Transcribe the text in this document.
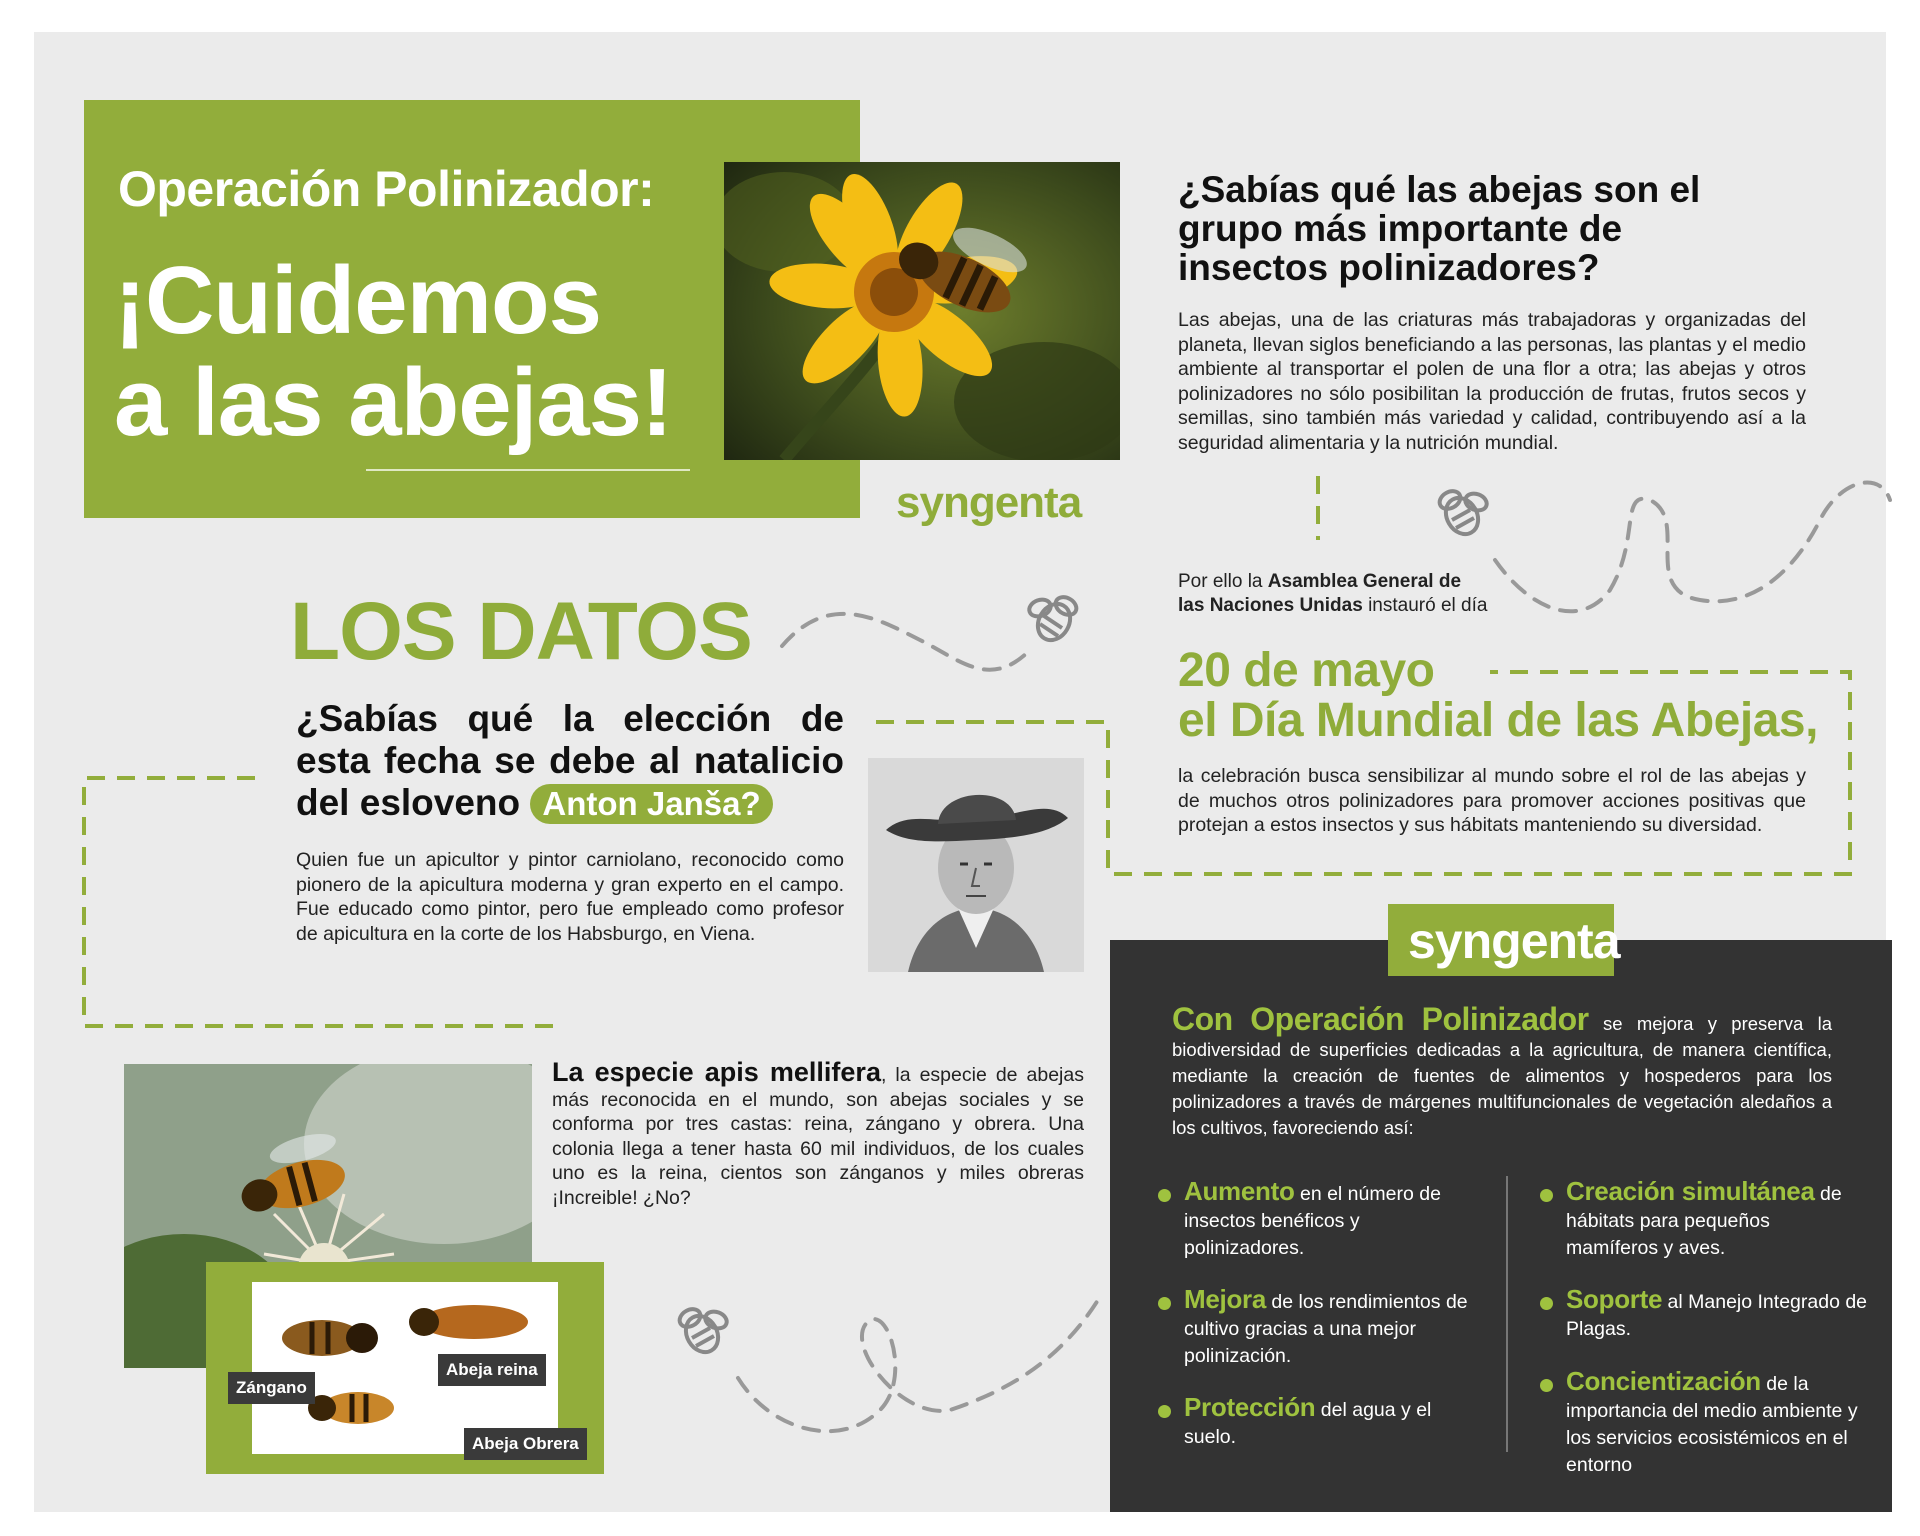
Operación Polinizador:
¡Cuidemos
a las abejas!
syngenta
¿Sabías qué las abejas son el grupo más importante de insectos polinizadores?
Las abejas, una de las criaturas más trabajadoras y organizadas del planeta, llevan siglos beneficiando a las personas, las plantas y el medio ambiente al transportar el polen de una flor a otra; las abejas y otros polinizadores no sólo posibilitan la producción de frutas, frutos secos y semillas, sino también más variedad y calidad, contribuyendo así a la seguridad alimentaria y la nutrición mundial.
Por ello la Asamblea General de las Naciones Unidas instauró el día
20 de mayo
el Día Mundial de las Abejas,
la celebración busca sensibilizar al mundo sobre el rol de las abejas y de muchos otros polinizadores para promover acciones positivas que protejan a estos insectos y sus hábitats manteniendo su diversidad.
LOS DATOS
¿Sabías qué la elección de esta fecha se debe al natalicio del esloveno Anton Janša?
Quien fue un apicultor y pintor carniolano, reconocido como pionero de la apicultura moderna y gran experto en el campo. Fue educado como pintor, pero fue empleado como profesor de apicultura en la corte de los Habsburgo, en Viena.
Zángano
Abeja reina
Abeja Obrera
La especie apis mellifera, la especie de abejas más reconocida en el mundo, son abejas sociales y se conforma por tres castas: reina, zángano y obrera. Una colonia llega a tener hasta 60 mil individuos, de los cuales uno es la reina, cientos son zánganos y miles obreras ¡Increible! ¿No?
syngenta
Con Operación Polinizador se mejora y preserva la biodiversidad de superficies dedicadas a la agricultura, de manera científica, mediante la creación de fuentes de alimentos y hospederos para los polinizadores a través de márgenes multifuncionales de vegetación aledaños a los cultivos, favoreciendo así:
Aumento en el número de insectos benéficos y polinizadores.
Mejora de los rendimientos de cultivo gracias a una mejor polinización.
Protección del agua y el suelo.
Creación simultánea de hábitats para pequeños mamíferos y aves.
Soporte al Manejo Integrado de Plagas.
Concientización de la importancia del medio ambiente y los servicios ecosistémicos en el entorno
